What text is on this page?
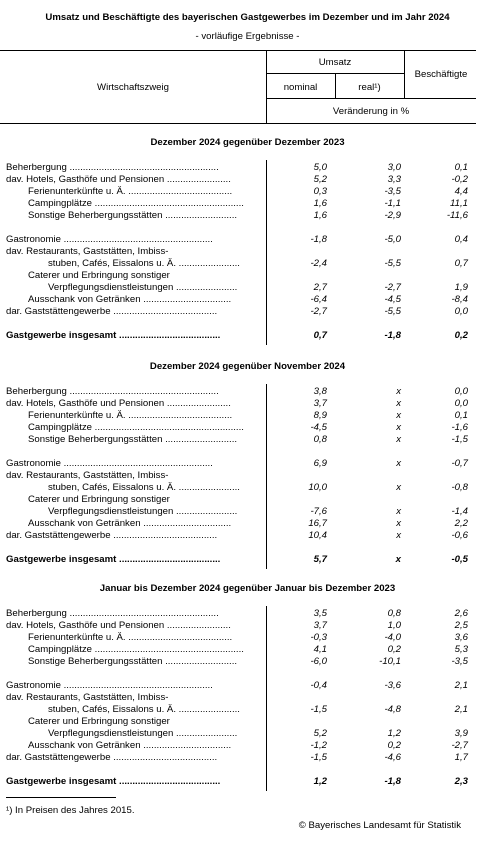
Umsatz und Beschäftigte des bayerischen Gastgewerbes im Dezember und im Jahr 2024
- vorläufige Ergebnisse -
Wirtschaftszweig
Umsatz
nominal	real¹)
Beschäftigte
Veränderung in %
Dezember 2024 gegenüber Dezember 2023
Beherbergung ........................................................	5,0	3,0	0,1
dav. Hotels, Gasthöfe und Pensionen ........................	5,2	3,3	-0,2
Ferienunterkünfte u. Ä. .......................................	0,3	-3,5	4,4
Campingplätze ........................................................	1,6	-1,1	11,1
Sonstige Beherbergungsstätten ...........................	1,6	-2,9	-11,6
Gastronomie ........................................................	-1,8	-5,0	0,4
dav. Restaurants, Gaststätten, Imbiss-
stuben, Cafés, Eissalons u. Ä. .......................	-2,4	-5,5	0,7
Caterer und Erbringung sonstiger
Verpflegungsdienstleistungen .......................	2,7	-2,7	1,9
Ausschank von Getränken .................................	-6,4	-4,5	-8,4
dar. Gaststättengewerbe .......................................	-2,7	-5,5	0,0
Gastgewerbe insgesamt ......................................	0,7	-1,8	0,2
Dezember 2024 gegenüber November 2024
Beherbergung ........................................................	3,8	x	0,0
dav. Hotels, Gasthöfe und Pensionen ........................	3,7	x	0,0
Ferienunterkünfte u. Ä. .......................................	8,9	x	0,1
Campingplätze ........................................................	-4,5	x	-1,6
Sonstige Beherbergungsstätten ...........................	0,8	x	-1,5
Gastronomie ........................................................	6,9	x	-0,7
dav. Restaurants, Gaststätten, Imbiss-
stuben, Cafés, Eissalons u. Ä. .......................	10,0	x	-0,8
Caterer und Erbringung sonstiger
Verpflegungsdienstleistungen .......................	-7,6	x	-1,4
Ausschank von Getränken .................................	16,7	x	2,2
dar. Gaststättengewerbe .......................................	10,4	x	-0,6
Gastgewerbe insgesamt ......................................	5,7	x	-0,5
Januar bis Dezember 2024 gegenüber Januar bis Dezember 2023
Beherbergung ........................................................	3,5	0,8	2,6
dav. Hotels, Gasthöfe und Pensionen ........................	3,7	1,0	2,5
Ferienunterkünfte u. Ä. .......................................	-0,3	-4,0	3,6
Campingplätze ........................................................	4,1	0,2	5,3
Sonstige Beherbergungsstätten ...........................	-6,0	-10,1	-3,5
Gastronomie ........................................................	-0,4	-3,6	2,1
dav. Restaurants, Gaststätten, Imbiss-
stuben, Cafés, Eissalons u. Ä. .......................	-1,5	-4,8	2,1
Caterer und Erbringung sonstiger
Verpflegungsdienstleistungen .......................	5,2	1,2	3,9
Ausschank von Getränken .................................	-1,2	0,2	-2,7
dar. Gaststättengewerbe .......................................	-1,5	-4,6	1,7
Gastgewerbe insgesamt ......................................	1,2	-1,8	2,3
¹) In Preisen des Jahres 2015.
© Bayerisches Landesamt für Statistik
